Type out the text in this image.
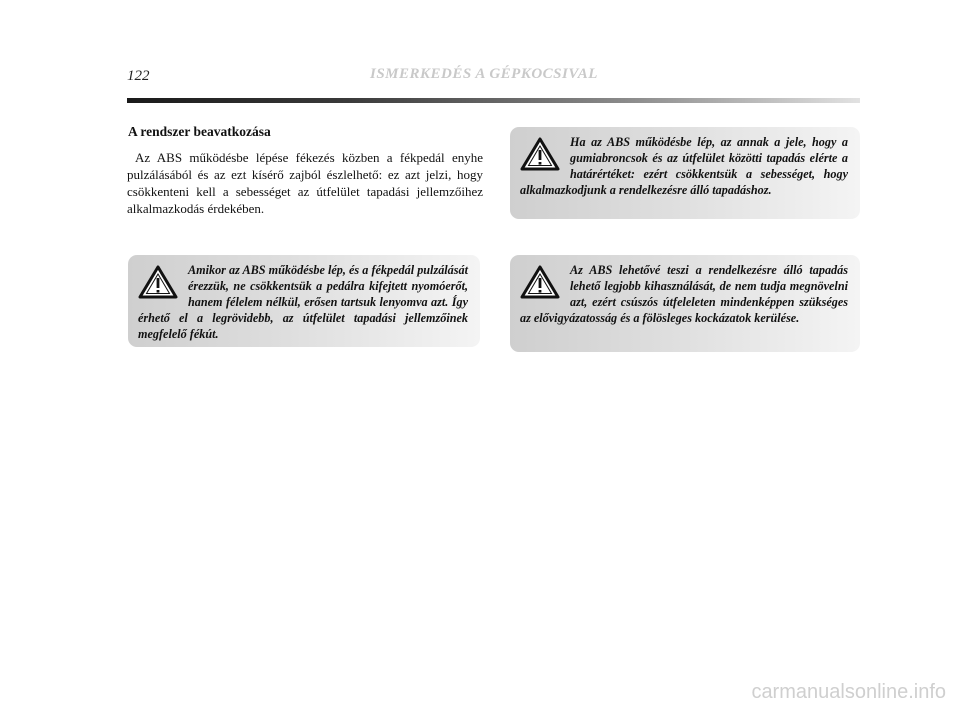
122	ISMERKEDÉS A GÉPKOCSIVAL
A rendszer beavatkozása

Az ABS működésbe lépése fékezés közben a fékpedál enyhe pulzálásából és az ezt kísérő zajból észlelhető: ez azt jelzi, hogy csökkenteni kell a sebességet az útfelület tapadási jellemzőihez alkalmazkodás érdekében.

Ha az ABS működésbe lép, az annak a jele, hogy a gumiabroncsok és az útfelület közötti tapadás elérte a határértéket: ezért csökkentsük a sebességet, hogy alkalmazkodjunk a rendelkezésre álló tapadáshoz.

Amikor az ABS működésbe lép, és a fékpedál pulzálását érezzük, ne csökkentsük a pedálra kifejtett nyomóerőt, hanem félelem nélkül, erősen tartsuk lenyomva azt. Így érhető el a legrövidebb, az útfelület tapadási jellemzőinek megfelelő fékút.

Az ABS lehetővé teszi a rendelkezésre álló tapadás lehető legjobb kihasználását, de nem tudja megnövelni azt, ezért csúszós útfeleleten mindenképpen szükséges az elővigyázatosság és a fölösleges kockázatok kerülése.

carmanualsonline.info
